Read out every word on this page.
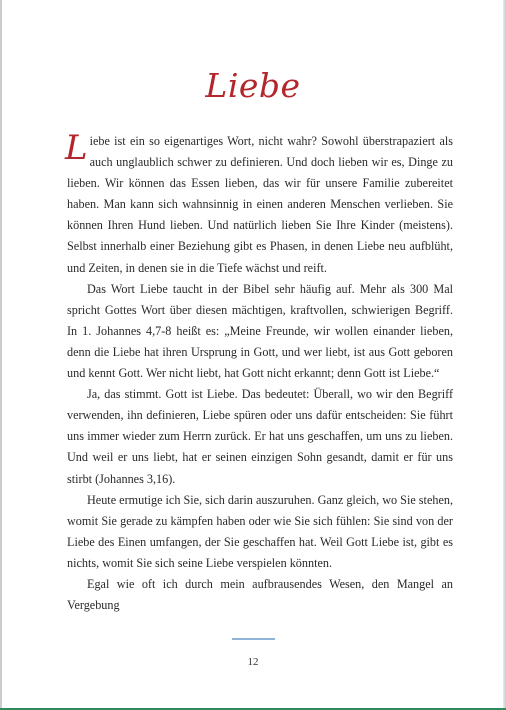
Liebe

Liebe ist ein so eigenartiges Wort, nicht wahr? Sowohl überstrapaziert als auch unglaublich schwer zu definieren. Und doch lieben wir es, Dinge zu lieben. Wir können das Essen lieben, das wir für unsere Familie zubereitet haben. Man kann sich wahnsinnig in einen anderen Menschen verlieben. Sie können Ihren Hund lieben. Und natürlich lieben Sie Ihre Kinder (meistens). Selbst innerhalb einer Beziehung gibt es Phasen, in denen Liebe neu aufblüht, und Zeiten, in denen sie in die Tiefe wächst und reift.

Das Wort Liebe taucht in der Bibel sehr häufig auf. Mehr als 300 Mal spricht Gottes Wort über diesen mächtigen, kraftvollen, schwierigen Begriff. In 1. Johannes 4,7-8 heißt es: „Meine Freunde, wir wollen einander lieben, denn die Liebe hat ihren Ursprung in Gott, und wer liebt, ist aus Gott geboren und kennt Gott. Wer nicht liebt, hat Gott nicht erkannt; denn Gott ist Liebe.“

Ja, das stimmt. Gott ist Liebe. Das bedeutet: Überall, wo wir den Begriff verwenden, ihn definieren, Liebe spüren oder uns dafür entscheiden: Sie führt uns immer wieder zum Herrn zurück. Er hat uns geschaffen, um uns zu lieben. Und weil er uns liebt, hat er seinen einzigen Sohn gesandt, damit er für uns stirbt (Johannes 3,16).

Heute ermutige ich Sie, sich darin auszuruhen. Ganz gleich, wo Sie stehen, womit Sie gerade zu kämpfen haben oder wie Sie sich fühlen: Sie sind von der Liebe des Einen umfangen, der Sie geschaffen hat. Weil Gott Liebe ist, gibt es nichts, womit Sie sich seine Liebe verspielen könnten.

Egal wie oft ich durch mein aufbrausendes Wesen, den Mangel an Vergebung

12
